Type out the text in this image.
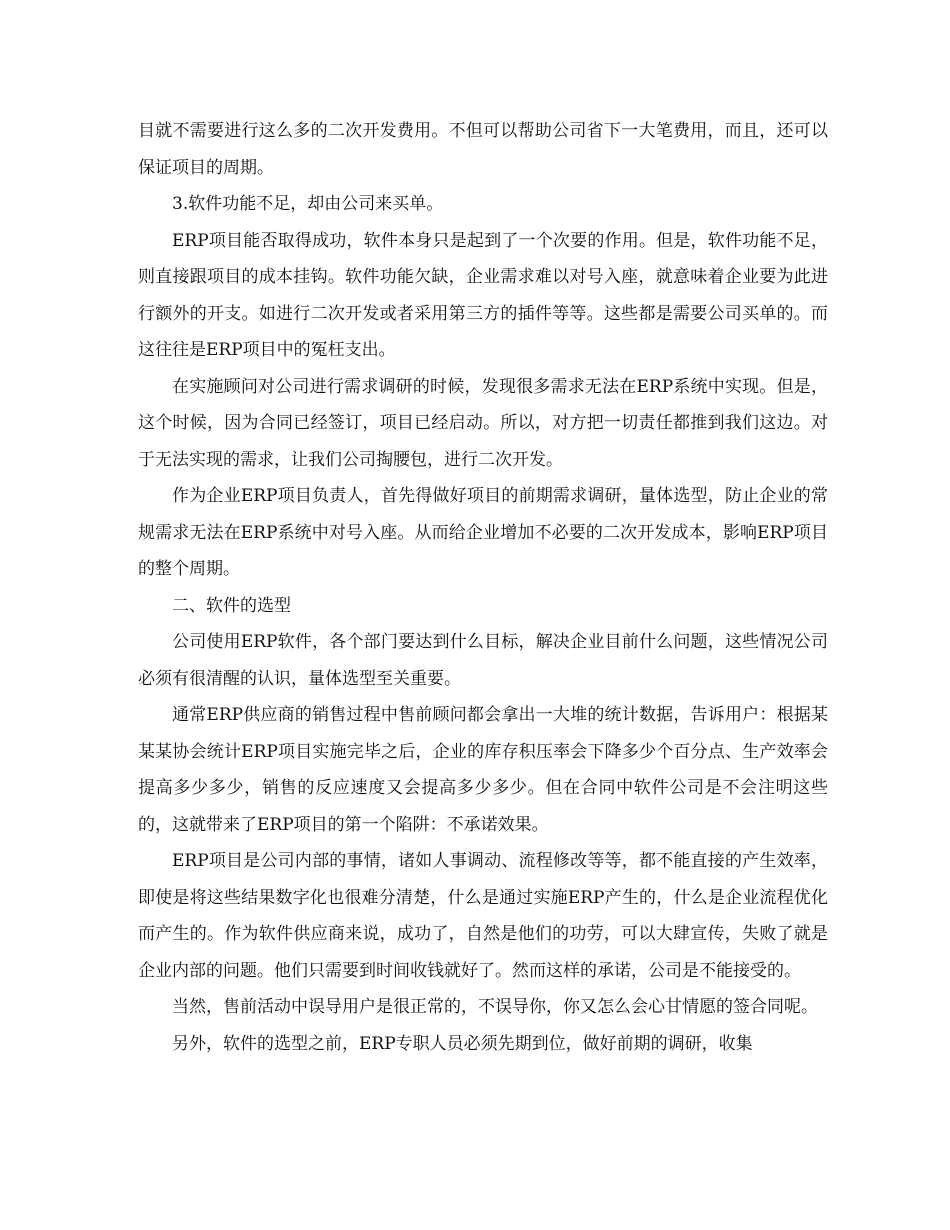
目就不需要进行这么多的二次开发费用。不但可以帮助公司省下一大笔费用，而且，还可以保证项目的周期。

3.软件功能不足，却由公司来买单。

ERP项目能否取得成功，软件本身只是起到了一个次要的作用。但是，软件功能不足，则直接跟项目的成本挂钩。软件功能欠缺，企业需求难以对号入座，就意味着企业要为此进行额外的开支。如进行二次开发或者采用第三方的插件等等。这些都是需要公司买单的。而这往往是ERP项目中的冤枉支出。

在实施顾问对公司进行需求调研的时候，发现很多需求无法在ERP系统中实现。但是，这个时候，因为合同已经签订，项目已经启动。所以，对方把一切责任都推到我们这边。对于无法实现的需求，让我们公司掏腰包，进行二次开发。

作为企业ERP项目负责人，首先得做好项目的前期需求调研，量体选型，防止企业的常规需求无法在ERP系统中对号入座。从而给企业增加不必要的二次开发成本，影响ERP项目的整个周期。

二、软件的选型

公司使用ERP软件，各个部门要达到什么目标，解决企业目前什么问题，这些情况公司必须有很清醒的认识，量体选型至关重要。

通常ERP供应商的销售过程中售前顾问都会拿出一大堆的统计数据，告诉用户：根据某某某协会统计ERP项目实施完毕之后，企业的库存积压率会下降多少个百分点、生产效率会提高多少多少，销售的反应速度又会提高多少多少。但在合同中软件公司是不会注明这些的，这就带来了ERP项目的第一个陷阱：不承诺效果。

ERP项目是公司内部的事情，诸如人事调动、流程修改等等，都不能直接的产生效率，即使是将这些结果数字化也很难分清楚，什么是通过实施ERP产生的，什么是企业流程优化而产生的。作为软件供应商来说，成功了，自然是他们的功劳，可以大肆宣传，失败了就是企业内部的问题。他们只需要到时间收钱就好了。然而这样的承诺，公司是不能接受的。

当然，售前活动中误导用户是很正常的，不误导你，你又怎么会心甘情愿的签合同呢。

另外，软件的选型之前，ERP专职人员必须先期到位，做好前期的调研，收集
